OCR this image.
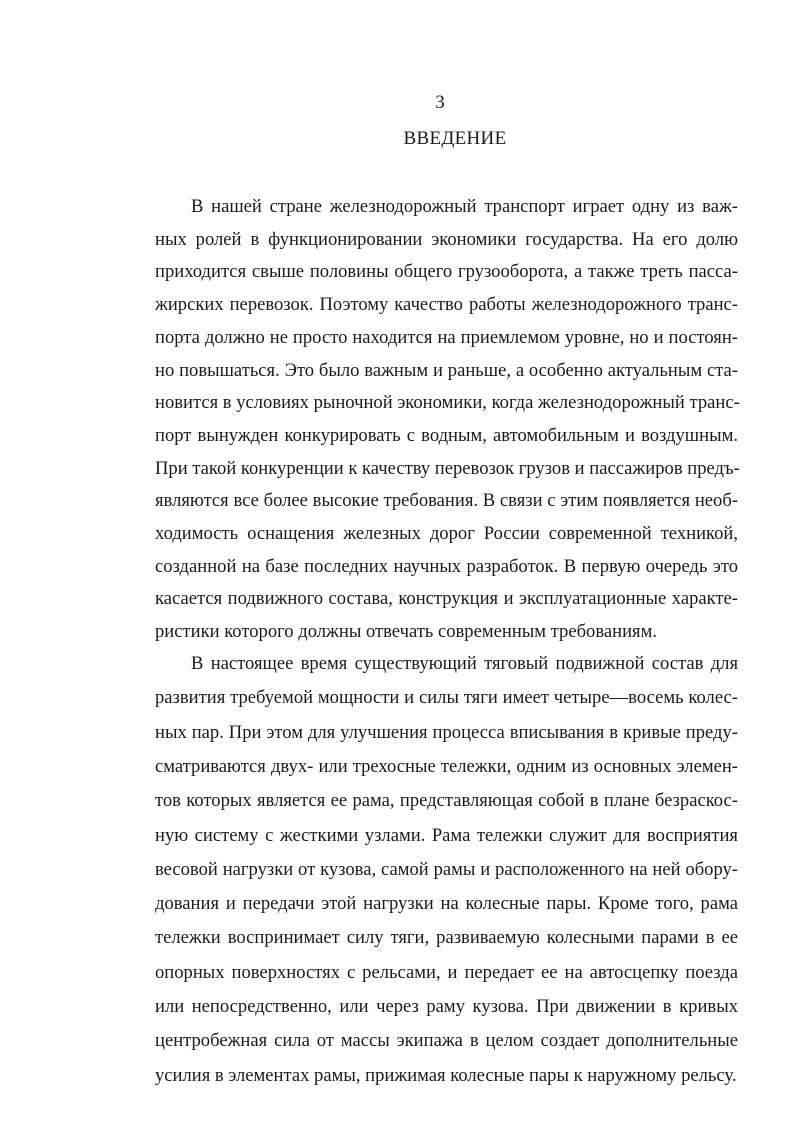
3
ВВЕДЕНИЕ
В нашей стране железнодорожный транспорт играет одну из важ-
ных ролей в функционировании экономики государства. На его долю
приходится свыше половины общего грузооборота, а также треть пасса-
жирских перевозок. Поэтому качество работы железнодорожного транс-
порта должно не просто находится на приемлемом уровне, но и постоян-
но повышаться. Это было важным и раньше, а особенно актуальным ста-
новится в условиях рыночной экономики, когда железнодорожный транс-
порт вынужден конкурировать с водным, автомобильным и воздушным.
При такой конкуренции к качеству перевозок грузов и пассажиров предъ-
являются все более высокие требования. В связи с этим появляется необ-
ходимость оснащения железных дорог России современной техникой,
созданной на базе последних научных разработок. В первую очередь это
касается подвижного состава, конструкция и эксплуатационные характе-
ристики которого должны отвечать современным требованиям.
В настоящее время существующий тяговый подвижной состав для
развития требуемой мощности и силы тяги имеет четыре—восемь колес-
ных пар. При этом для улучшения процесса вписывания в кривые преду-
сматриваются двух- или трехосные тележки, одним из основных элемен-
тов которых является ее рама, представляющая собой в плане безраскос-
ную систему с жесткими узлами. Рама тележки служит для восприятия
весовой нагрузки от кузова, самой рамы и расположенного на ней обору-
дования и передачи этой нагрузки на колесные пары. Кроме того, рама
тележки воспринимает силу тяги, развиваемую колесными парами в ее
опорных поверхностях с рельсами, и передает ее на автосцепку поезда
или непосредственно, или через раму кузова. При движении в кривых
центробежная сила от массы экипажа в целом создает дополнительные
усилия в элементах рамы, прижимая колесные пары к наружному рельсу.
